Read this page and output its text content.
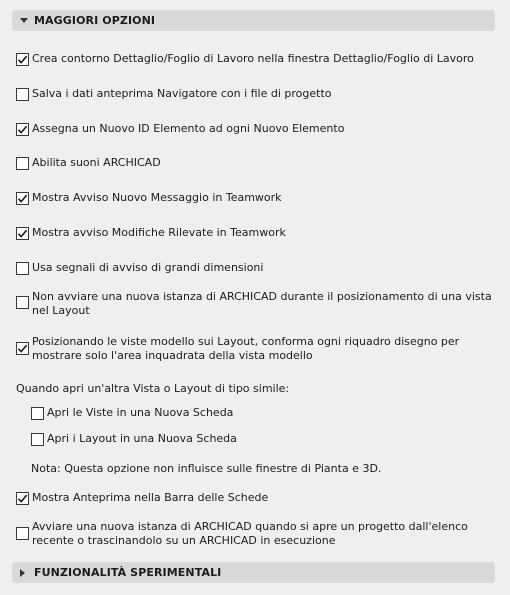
MAGGIORI OPZIONI
Crea contorno Dettaglio/Foglio di Lavoro nella finestra Dettaglio/Foglio di Lavoro
Salva i dati anteprima Navigatore con i file di progetto
Assegna un Nuovo ID Elemento ad ogni Nuovo Elemento
Abilita suoni ARCHICAD
Mostra Avviso Nuovo Messaggio in Teamwork
Mostra avviso Modifiche Rilevate in Teamwork
Usa segnali di avviso di grandi dimensioni
Non avviare una nuova istanza di ARCHICAD durante il posizionamento di una vista nel Layout
Posizionando le viste modello sui Layout, conforma ogni riquadro disegno per mostrare solo l'area inquadrata della vista modello
Quando apri un'altra Vista o Layout di tipo simile:
Apri le Viste in una Nuova Scheda
Apri i Layout in una Nuova Scheda
Nota: Questa opzione non influisce sulle finestre di Pianta e 3D.
Mostra Anteprima nella Barra delle Schede
Avviare una nuova istanza di ARCHICAD quando si apre un progetto dall'elenco recente o trascinandolo su un ARCHICAD in esecuzione
FUNZIONALITÀ SPERIMENTALI
